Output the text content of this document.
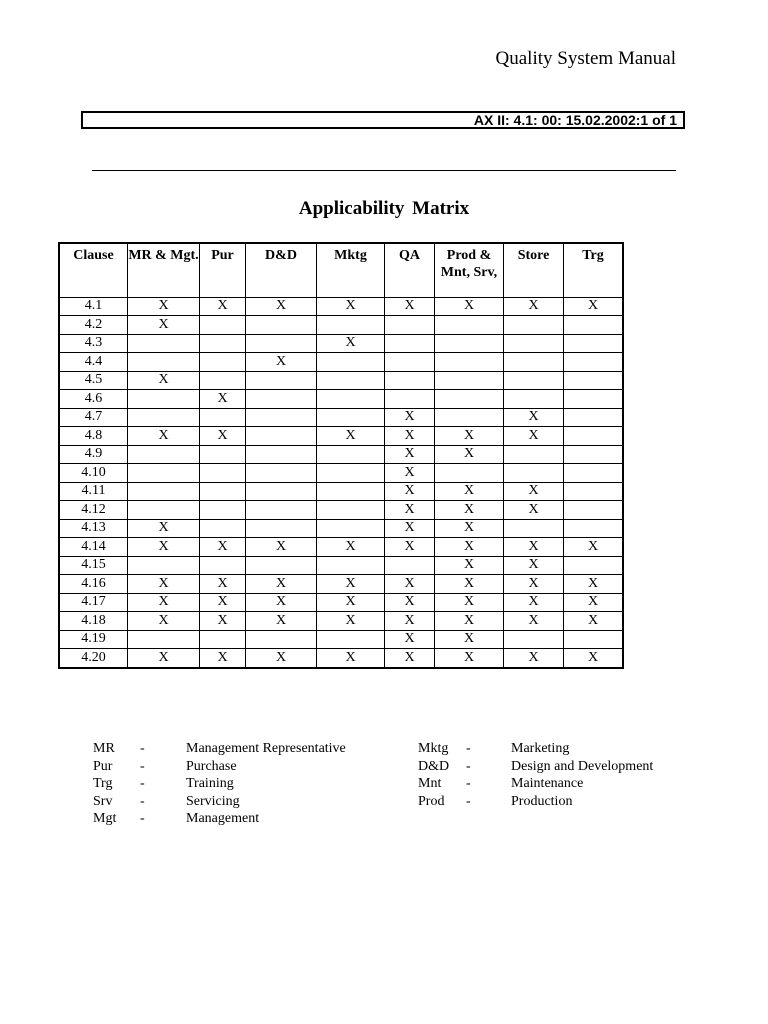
Quality System Manual
AX II: 4.1: 00: 15.02.2002:1 of 1
Applicability Matrix
Clause	MR & Mgt.	Pur	D&D	Mktg	QA	Prod & Mnt, Srv,	Store	Trg
4.1	X	X	X	X	X	X	X	X
4.2	X							
4.3				X				
4.4			X					
4.5	X							
4.6		X						
4.7					X		X	
4.8	X	X		X	X	X	X	
4.9					X	X		
4.10					X			
4.11					X	X	X	
4.12					X	X	X	
4.13	X				X	X		
4.14	X	X	X	X	X	X	X	X
4.15						X	X	
4.16	X	X	X	X	X	X	X	X
4.17	X	X	X	X	X	X	X	X
4.18	X	X	X	X	X	X	X	X
4.19					X	X		
4.20	X	X	X	X	X	X	X	X
MR	-	Management Representative
Pur	-	Purchase
Trg	-	Training
Srv	-	Servicing
Mgt	-	Management
Mktg	-	Marketing
D&D	-	Design and Development
Mnt	-	Maintenance
Prod	-	Production
